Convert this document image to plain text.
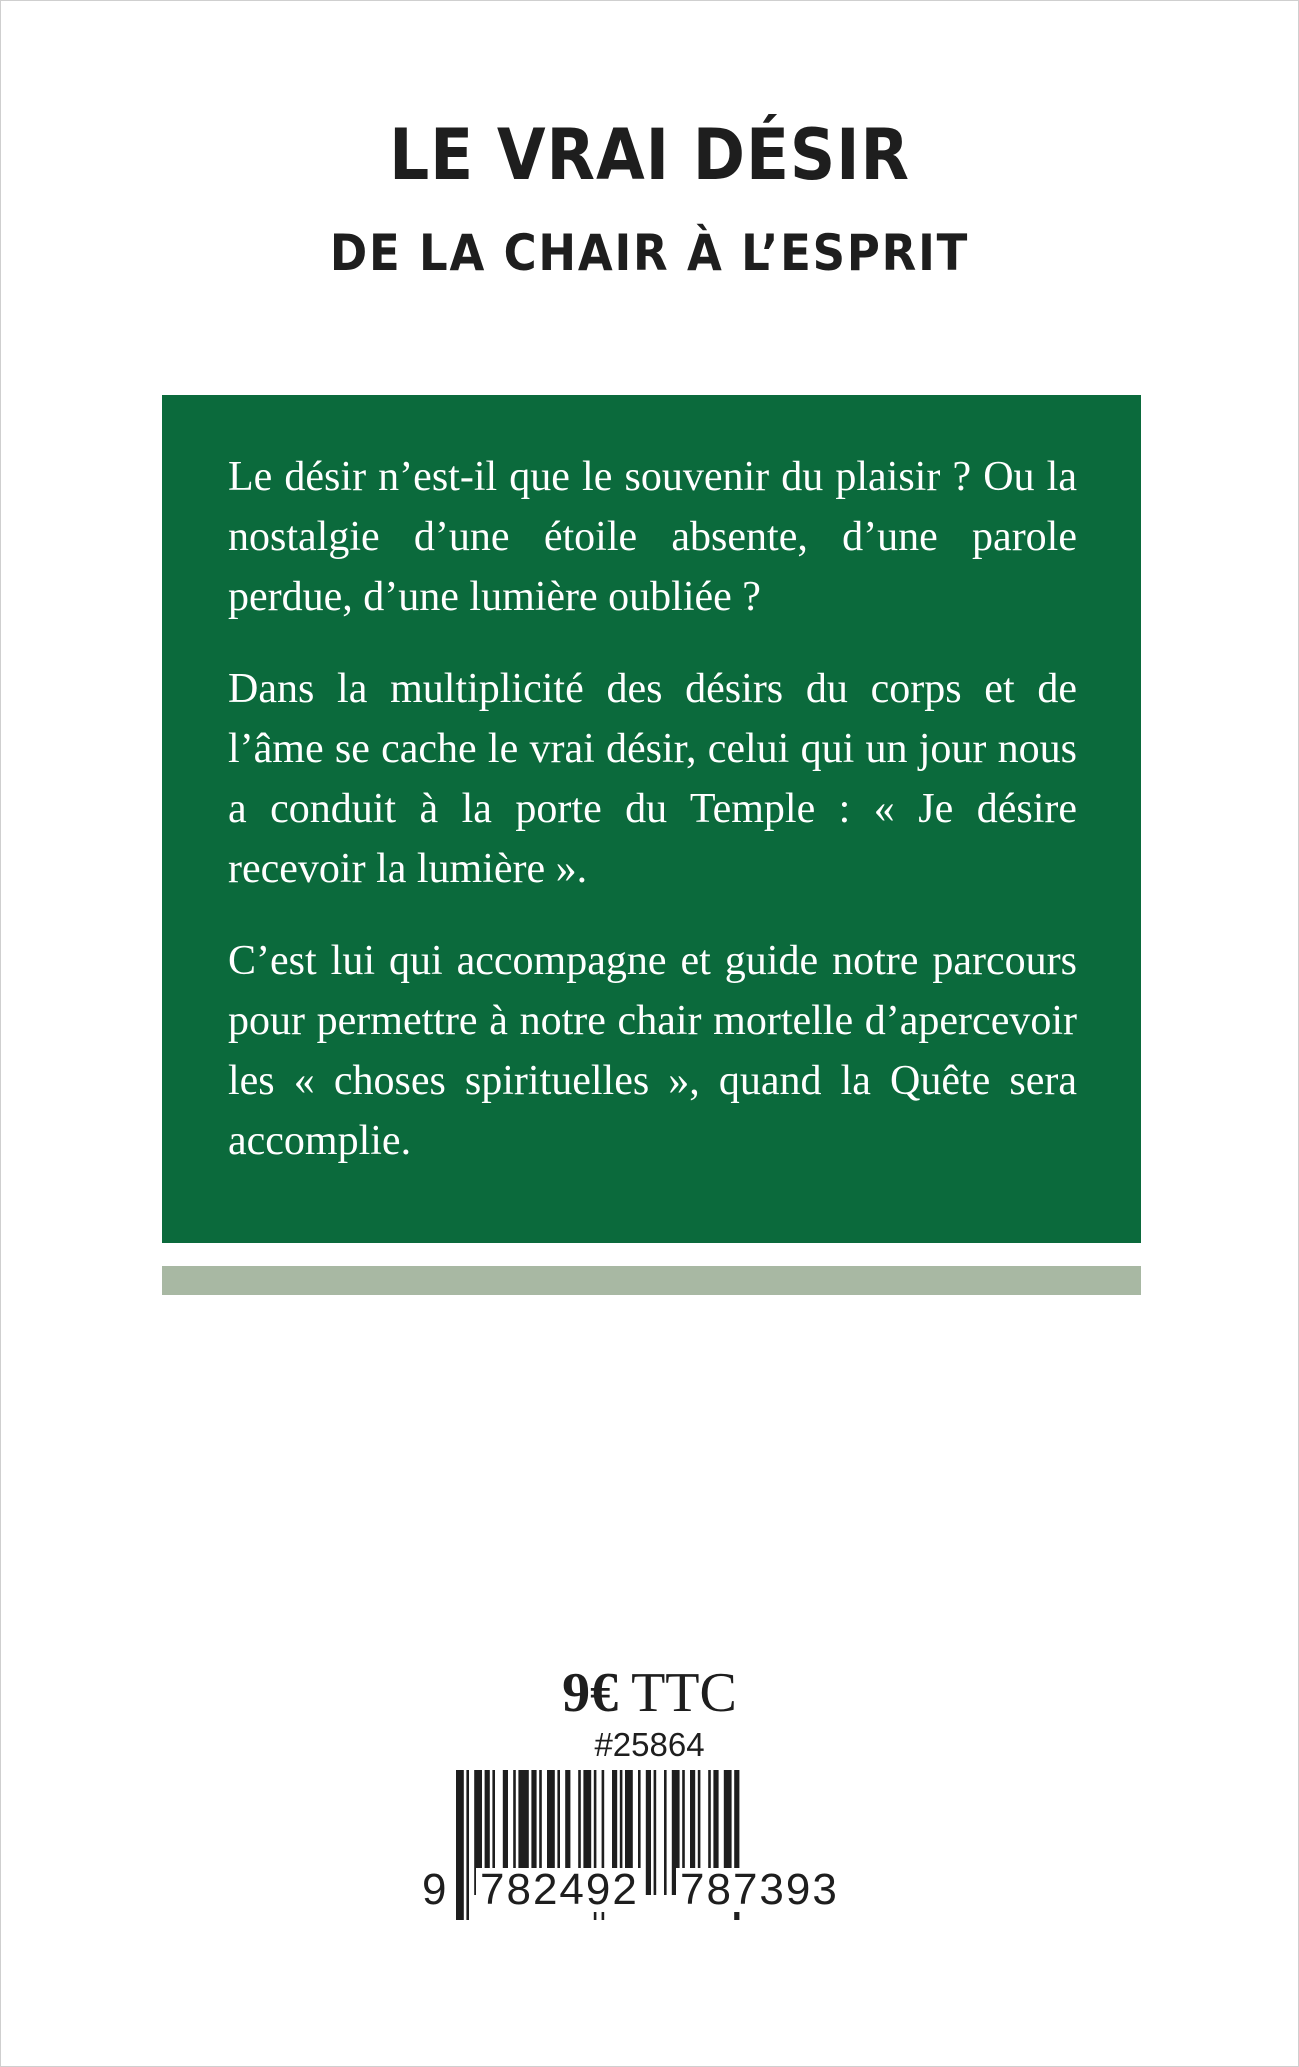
LE VRAI DÉSIR
DE LA CHAIR À L’ESPRIT

Le désir n’est-il que le souvenir du plaisir ? Ou la nostalgie d’une étoile absente, d’une parole perdue, d’une lumière oubliée ?

Dans la multiplicité des désirs du corps et de l’âme se cache le vrai désir, celui qui un jour nous a conduit à la porte du Temple : « Je désire recevoir la lumière ».

C’est lui qui accompagne et guide notre parcours pour permettre à notre chair mortelle d’apercevoir les « choses spirituelles », quand la Quête sera accomplie.

9€ TTC
#25864
9 782492 787393
